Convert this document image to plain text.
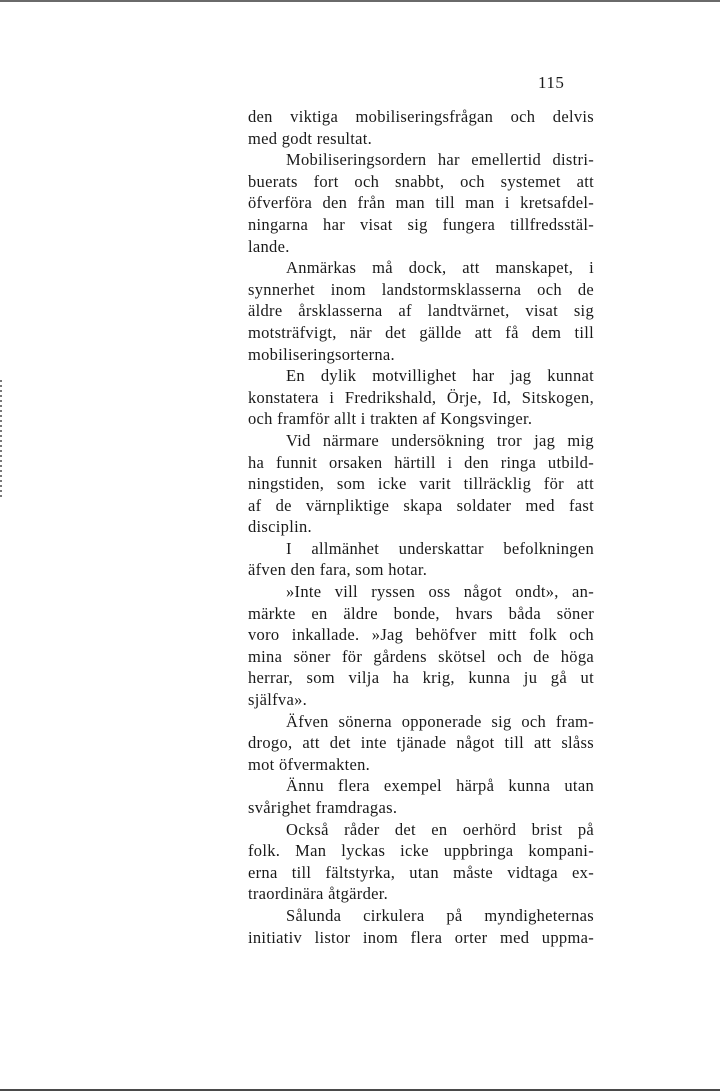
115

den viktiga mobiliseringsfrågan och delvis
med godt resultat.

Mobiliseringsordern har emellertid distri-
buerats fort och snabbt, och systemet att
öfverföra den från man till man i kretsafdel-
ningarna har visat sig fungera tillfredsstäl-
lande.

Anmärkas må dock, att manskapet, i
synnerhet inom landstormsklasserna och de
äldre årsklasserna af landtvärnet, visat sig
motsträfvigt, när det gällde att få dem till
mobiliseringsorterna.

En dylik motvillighet har jag kunnat
konstatera i Fredrikshald, Örje, Id, Sitskogen,
och framför allt i trakten af Kongsvinger.

Vid närmare undersökning tror jag mig
ha funnit orsaken härtill i den ringa utbild-
ningstiden, som icke varit tillräcklig för att
af de värnpliktige skapa soldater med fast
disciplin.

I allmänhet underskattar befolkningen
äfven den fara, som hotar.

»Inte vill ryssen oss något ondt», an-
märkte en äldre bonde, hvars båda söner
voro inkallade. »Jag behöfver mitt folk och
mina söner för gårdens skötsel och de höga
herrar, som vilja ha krig, kunna ju gå ut
själfva».

Äfven sönerna opponerade sig och fram-
drogo, att det inte tjänade något till att slåss
mot öfvermakten.

Ännu flera exempel härpå kunna utan
svårighet framdragas.

Också råder det en oerhörd brist på
folk. Man lyckas icke uppbringa kompani-
erna till fältstyrka, utan måste vidtaga ex-
traordinära åtgärder.

Sålunda cirkulera på myndigheternas
initiativ listor inom flera orter med uppma-
